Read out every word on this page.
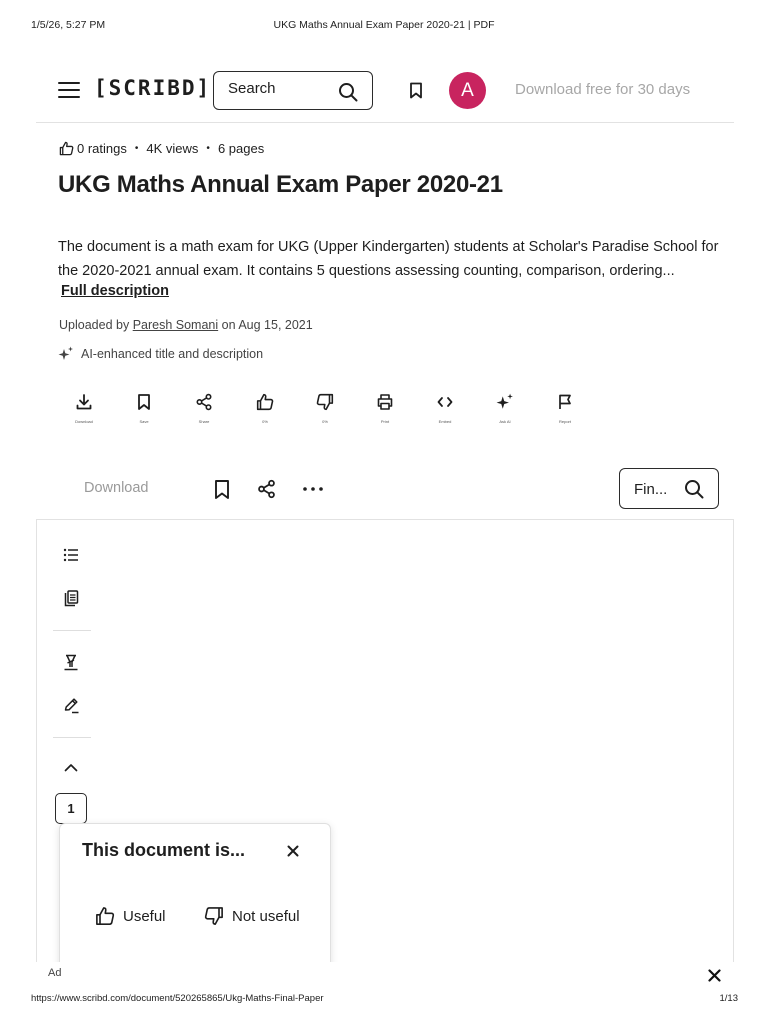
1/5/26, 5:27 PM	UKG Maths Annual Exam Paper 2020-21 | PDF
[SCRIBD]
Search	A	Download free for 30 days
0 ratings • 4K views • 6 pages
UKG Maths Annual Exam Paper 2020-21

The document is a math exam for UKG (Upper Kindergarten) students at Scholar's Paradise School for the 2020-2021 annual exam. It contains 5 questions assessing counting, comparison, ordering...

Full description
Uploaded by Paresh Somani on Aug 15, 2021
AI-enhanced title and description
Download	Save	Share	0%	0%	Print	Embed	Ask AI	Report
Download	Fin...
1
This document is...
Useful	Not useful
Ad
https://www.scribd.com/document/520265865/Ukg-Maths-Final-Paper	1/13
